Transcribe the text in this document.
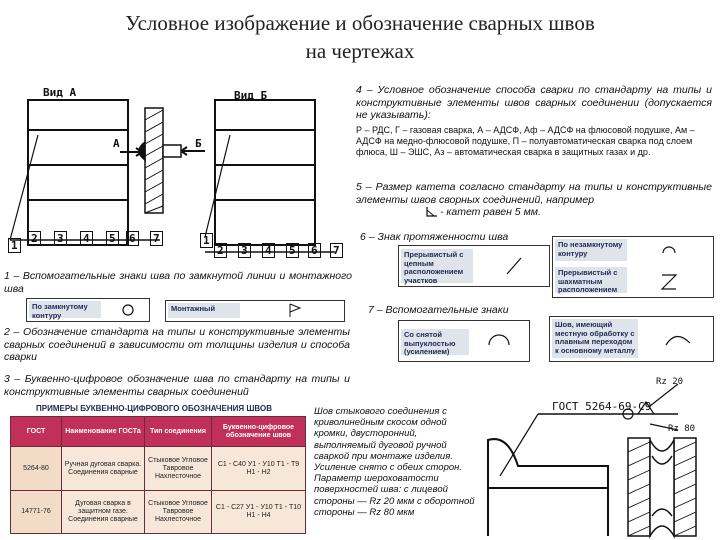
Условное изображение и обозначение сварных швов
на чертежах
Вид А	Вид Б
А	Б
1
2 3 4 5 6 7	1
2 3 4 5 6 7
4 – Условное обозначение способа сварки по стандарту на типы и конструктивные элементы швов сварных соединении (допускается не указывать):
Р – РДС, Г – газовая сварка, А – АДСФ, Аф – АДСФ на флюсовой подушке, Ам – АДСФ на медно-флюсовой подушке, П – полуавтоматическая сварка под слоем флюса, Ш – ЭШС, Аз – автоматическая сварка в защитных газах и др.
5 – Размер катета согласно стандарту на типы и конструктивные элементы швов сворных соединений, например
- катет равен 5 мм.
6 – Знак протяженности шва
Прерывистый с цепным расположением участков
По незамкнутому контуру
Прерывистый с шахматным расположением
1 – Вспомогательные знаки шва по замкнутой линии и монтажного шва
По замкнутому контуру
Монтажный	7 – Вспомогательные знаки
Со снятой выпуклостью (усилением)
Шов, имеющий местную обработку с плавным переходом к основному металлу
2 – Обозначение стандарта на типы и конструктивные элементы сварных соединений в зависимости от толщины изделия и способа сварки
3 – Буквенно-цифровое обозначение шва по стандарту на типы и конструктивные элементы сварных соединений
ПРИМЕРЫ БУКВЕННО-ЦИФРОВОГО ОБОЗНАЧЕНИЯ ШВОВ
ГОСТ	Наименование ГОСТа	Тип соединения	Буквенно-цифровое обозначение швов
5264-80	Ручная дуговая сварка. Соединения сварные	Стыковое Угловое Тавровое Нахлесточное	С1 - С40 У1 - У10 Т1 - Т9 Н1 - Н2
14771-76	Дуговая сварка в защитном газе. Соединения сварные	Стыковое Угловое Тавровое Нахлесточное	С1 - С27 У1 - У10 Т1 - Т10 Н1 - Н4
Шов стыкового соединения с криволинейным скосом одной кромки, двусторонний, выполняемый дуговой ручной сваркой при монтаже изделия. Усиление снято с обеих сторон. Параметр шероховатости поверхностей шва: с лицевой стороны — Rz 20 мкм с оборотной стороны — Rz 80 мкм
ГОСТ 5264-69-С9
Rz 20
Rz 80
